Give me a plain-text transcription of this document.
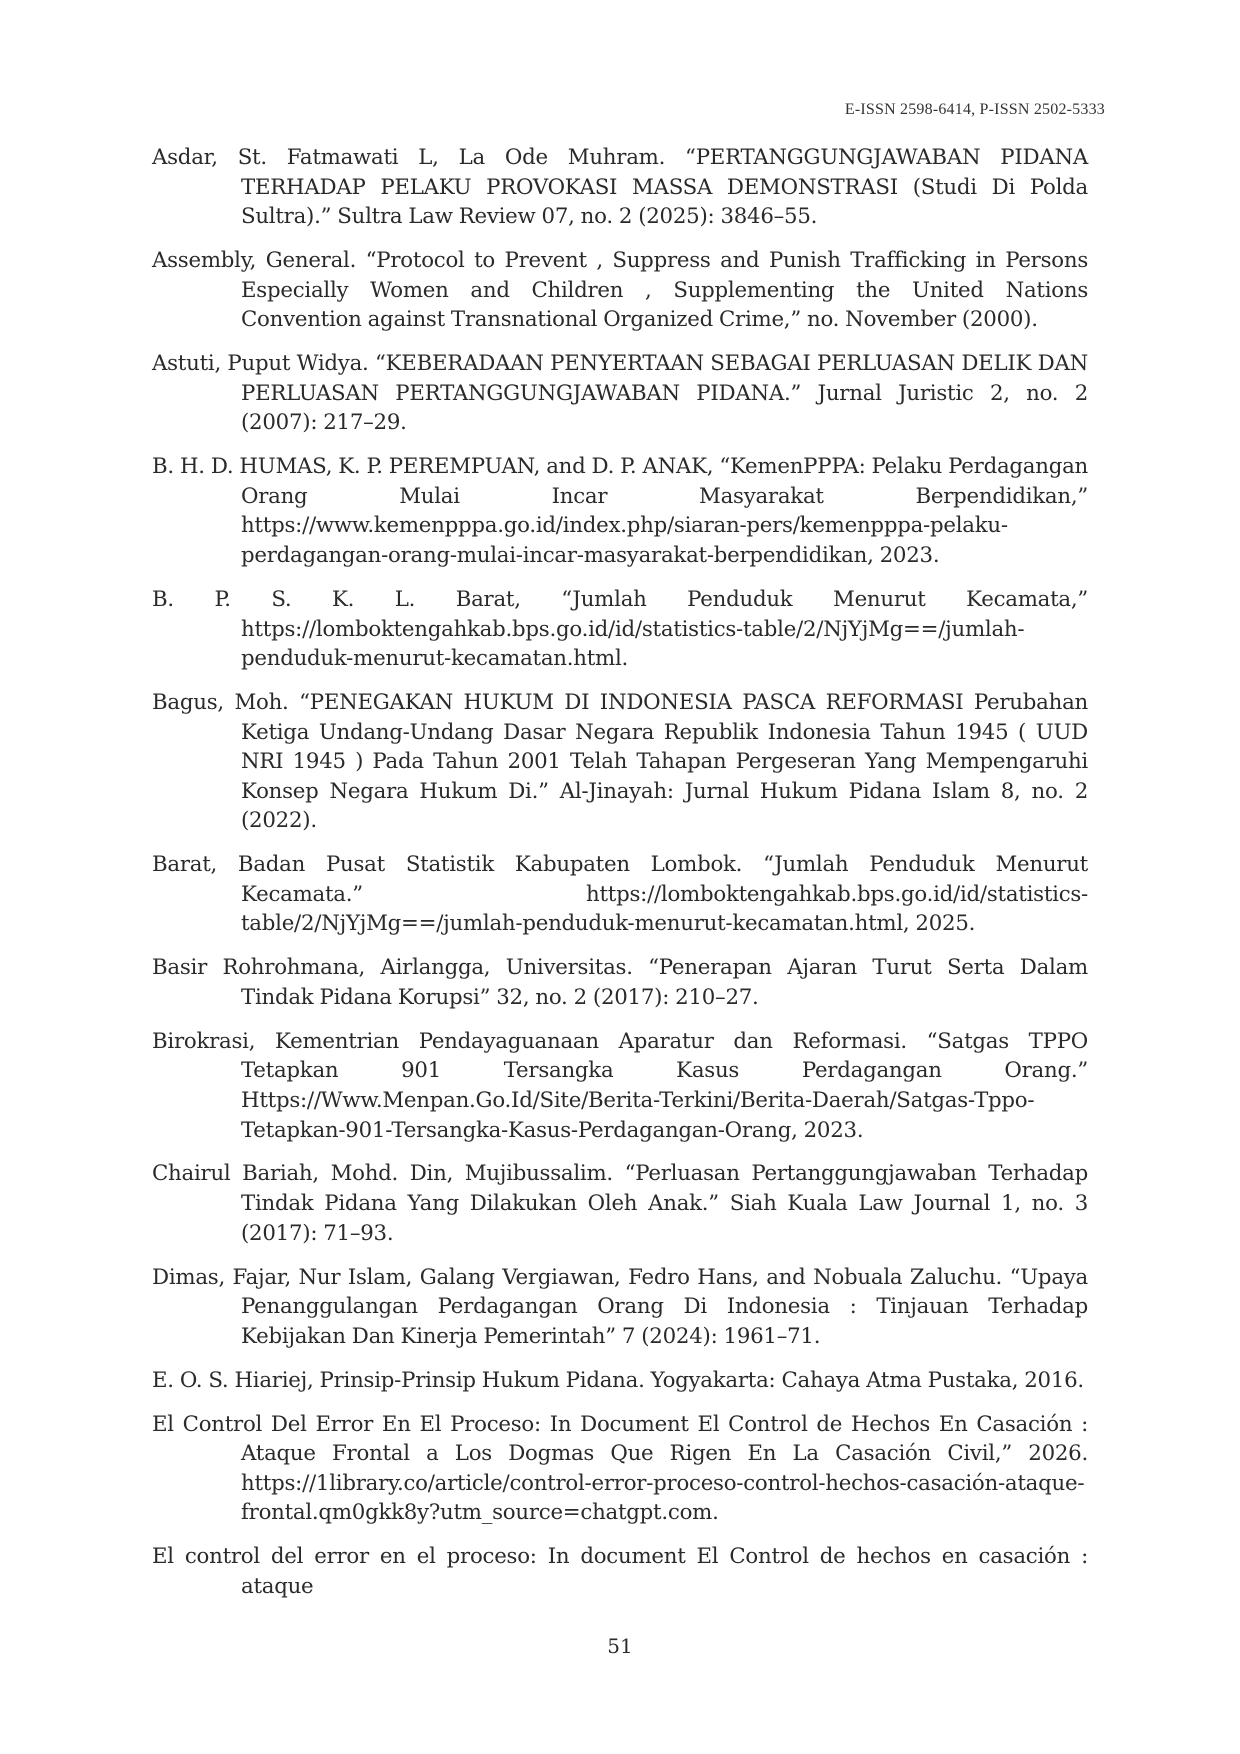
E-ISSN 2598-6414, P-ISSN 2502-5333
Asdar, St. Fatmawati L, La Ode Muhram. “PERTANGGUNGJAWABAN PIDANA TERHADAP PELAKU PROVOKASI MASSA DEMONSTRASI (Studi Di Polda Sultra).” Sultra Law Review 07, no. 2 (2025): 3846–55.
Assembly, General. “Protocol to Prevent , Suppress and Punish Trafficking in Persons Especially Women and Children , Supplementing the United Nations Convention against Transnational Organized Crime,” no. November (2000).
Astuti, Puput Widya. “KEBERADAAN PENYERTAAN SEBAGAI PERLUASAN DELIK DAN PERLUASAN PERTANGGUNGJAWABAN PIDANA.” Jurnal Juristic 2, no. 2 (2007): 217–29.
B. H. D. HUMAS, K. P. PEREMPUAN, and D. P. ANAK, “KemenPPPA: Pelaku Perdagangan Orang Mulai Incar Masyarakat Berpendidikan,” https://www.kemenpppa.go.id/index.php/siaran-pers/kemenpppa-pelaku-perdagangan-orang-mulai-incar-masyarakat-berpendidikan, 2023.
B. P. S. K. L. Barat, “Jumlah Penduduk Menurut Kecamata,” https://lomboktengahkab.bps.go.id/id/statistics-table/2/NjYjMg==/jumlah-penduduk-menurut-kecamatan.html.
Bagus, Moh. “PENEGAKAN HUKUM DI INDONESIA PASCA REFORMASI Perubahan Ketiga Undang-Undang Dasar Negara Republik Indonesia Tahun 1945 ( UUD NRI 1945 ) Pada Tahun 2001 Telah Tahapan Pergeseran Yang Mempengaruhi Konsep Negara Hukum Di.” Al-Jinayah: Jurnal Hukum Pidana Islam 8, no. 2 (2022).
Barat, Badan Pusat Statistik Kabupaten Lombok. “Jumlah Penduduk Menurut Kecamata.” https://lomboktengahkab.bps.go.id/id/statistics-table/2/NjYjMg==/jumlah-penduduk-menurut-kecamatan.html, 2025.
Basir Rohrohmana, Airlangga, Universitas. “Penerapan Ajaran Turut Serta Dalam Tindak Pidana Korupsi” 32, no. 2 (2017): 210–27.
Birokrasi, Kementrian Pendayaguanaan Aparatur dan Reformasi. “Satgas TPPO Tetapkan 901 Tersangka Kasus Perdagangan Orang.” Https://Www.Menpan.Go.Id/Site/Berita-Terkini/Berita-Daerah/Satgas-Tppo-Tetapkan-901-Tersangka-Kasus-Perdagangan-Orang, 2023.
Chairul Bariah, Mohd. Din, Mujibussalim. “Perluasan Pertanggungjawaban Terhadap Tindak Pidana Yang Dilakukan Oleh Anak.” Siah Kuala Law Journal 1, no. 3 (2017): 71–93.
Dimas, Fajar, Nur Islam, Galang Vergiawan, Fedro Hans, and Nobuala Zaluchu. “Upaya Penanggulangan Perdagangan Orang Di Indonesia : Tinjauan Terhadap Kebijakan Dan Kinerja Pemerintah” 7 (2024): 1961–71.
E. O. S. Hiariej, Prinsip-Prinsip Hukum Pidana. Yogyakarta: Cahaya Atma Pustaka, 2016.
El Control Del Error En El Proceso: In Document El Control de Hechos En Casación : Ataque Frontal a Los Dogmas Que Rigen En La Casación Civil,” 2026. https://1library.co/article/control-error-proceso-control-hechos-casación-ataque-frontal.qm0gkk8y?utm_source=chatgpt.com.
El control del error en el proceso: In document El Control de hechos en casación : ataque
51
